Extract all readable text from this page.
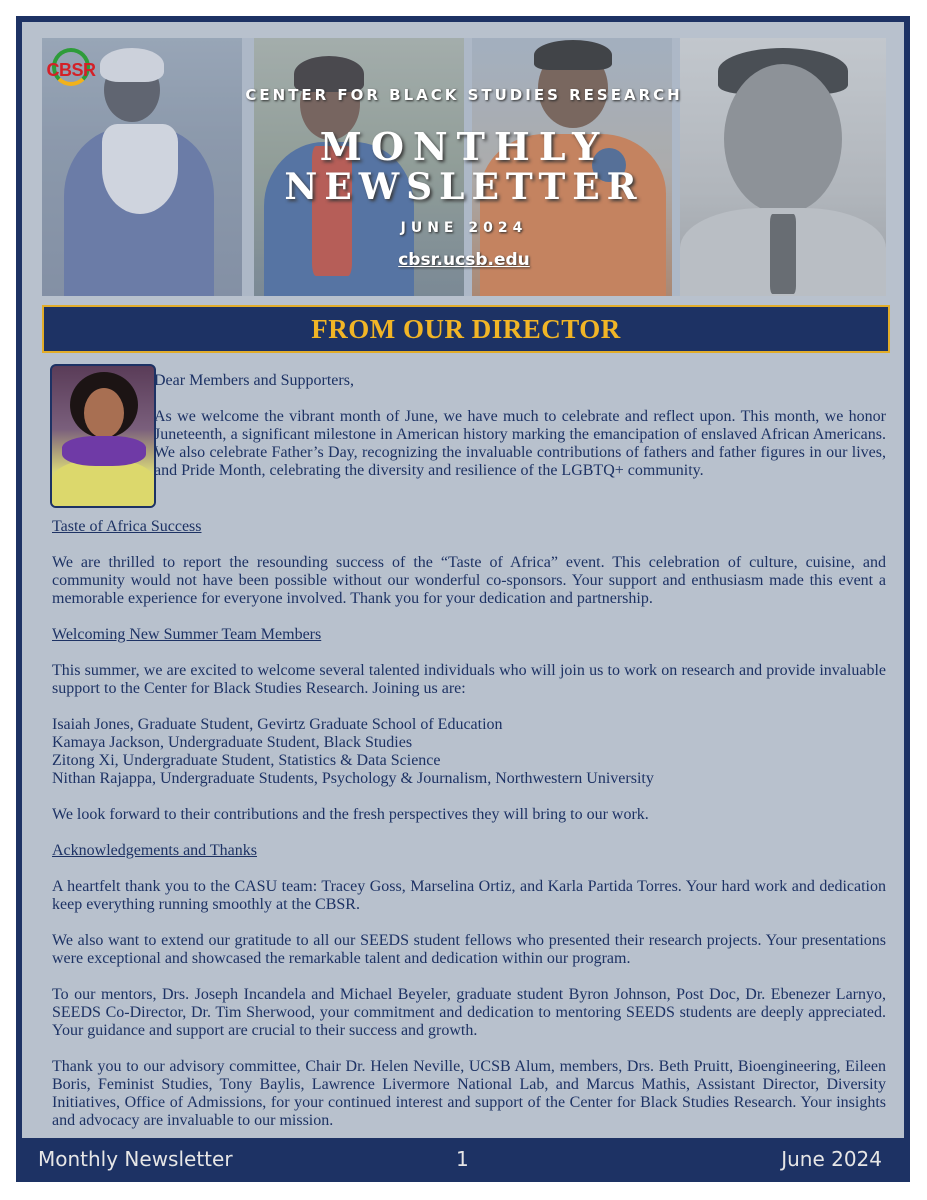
CBSR
CENTER FOR BLACK STUDIES RESEARCH
MONTHLY
NEWSLETTER
JUNE 2024
cbsr.ucsb.edu
FROM OUR DIRECTOR
Dear Members and Supporters,
As we welcome the vibrant month of June, we have much to celebrate and reflect upon. This month, we honor Juneteenth, a significant milestone in American history marking the emancipation of enslaved African Americans. We also celebrate Father’s Day, recognizing the invaluable contributions of fathers and father figures in our lives, and Pride Month, celebrating the diversity and resilience of the LGBTQ+ community.

Taste of Africa Success

We are thrilled to report the resounding success of the “Taste of Africa” event. This celebration of culture, cuisine, and community would not have been possible without our wonderful co-sponsors. Your support and enthusiasm made this event a memorable experience for everyone involved. Thank you for your dedication and partnership.

Welcoming New Summer Team Members

This summer, we are excited to welcome several talented individuals who will join us to work on research and provide invaluable support to the Center for Black Studies Research. Joining us are:

Isaiah Jones, Graduate Student, Gevirtz Graduate School of Education

Kamaya Jackson, Undergraduate Student, Black Studies

Zitong Xi, Undergraduate Student, Statistics & Data Science

Nithan Rajappa, Undergraduate Students, Psychology & Journalism, Northwestern University

We look forward to their contributions and the fresh perspectives they will bring to our work.

Acknowledgements and Thanks

A heartfelt thank you to the CASU team: Tracey Goss, Marselina Ortiz, and Karla Partida Torres. Your hard work and dedication keep everything running smoothly at the CBSR.

We also want to extend our gratitude to all our SEEDS student fellows who presented their research projects. Your presentations were exceptional and showcased the remarkable talent and dedication within our program.

To our mentors, Drs. Joseph Incandela and Michael Beyeler, graduate student Byron Johnson, Post Doc, Dr. Ebenezer Larnyo, SEEDS Co-Director, Dr. Tim Sherwood, your commitment and dedication to mentoring SEEDS students are deeply appreciated. Your guidance and support are crucial to their success and growth.

Thank you to our advisory committee, Chair Dr. Helen Neville, UCSB Alum, members, Drs. Beth Pruitt, Bioengineering, Eileen Boris, Feminist Studies, Tony Baylis, Lawrence Livermore National Lab, and Marcus Mathis, Assistant Director, Diversity Initiatives, Office of Admissions, for your continued interest and support of the Center for Black Studies Research. Your insights and advocacy are invaluable to our mission.

Monthly Newsletter	1	June 2024
